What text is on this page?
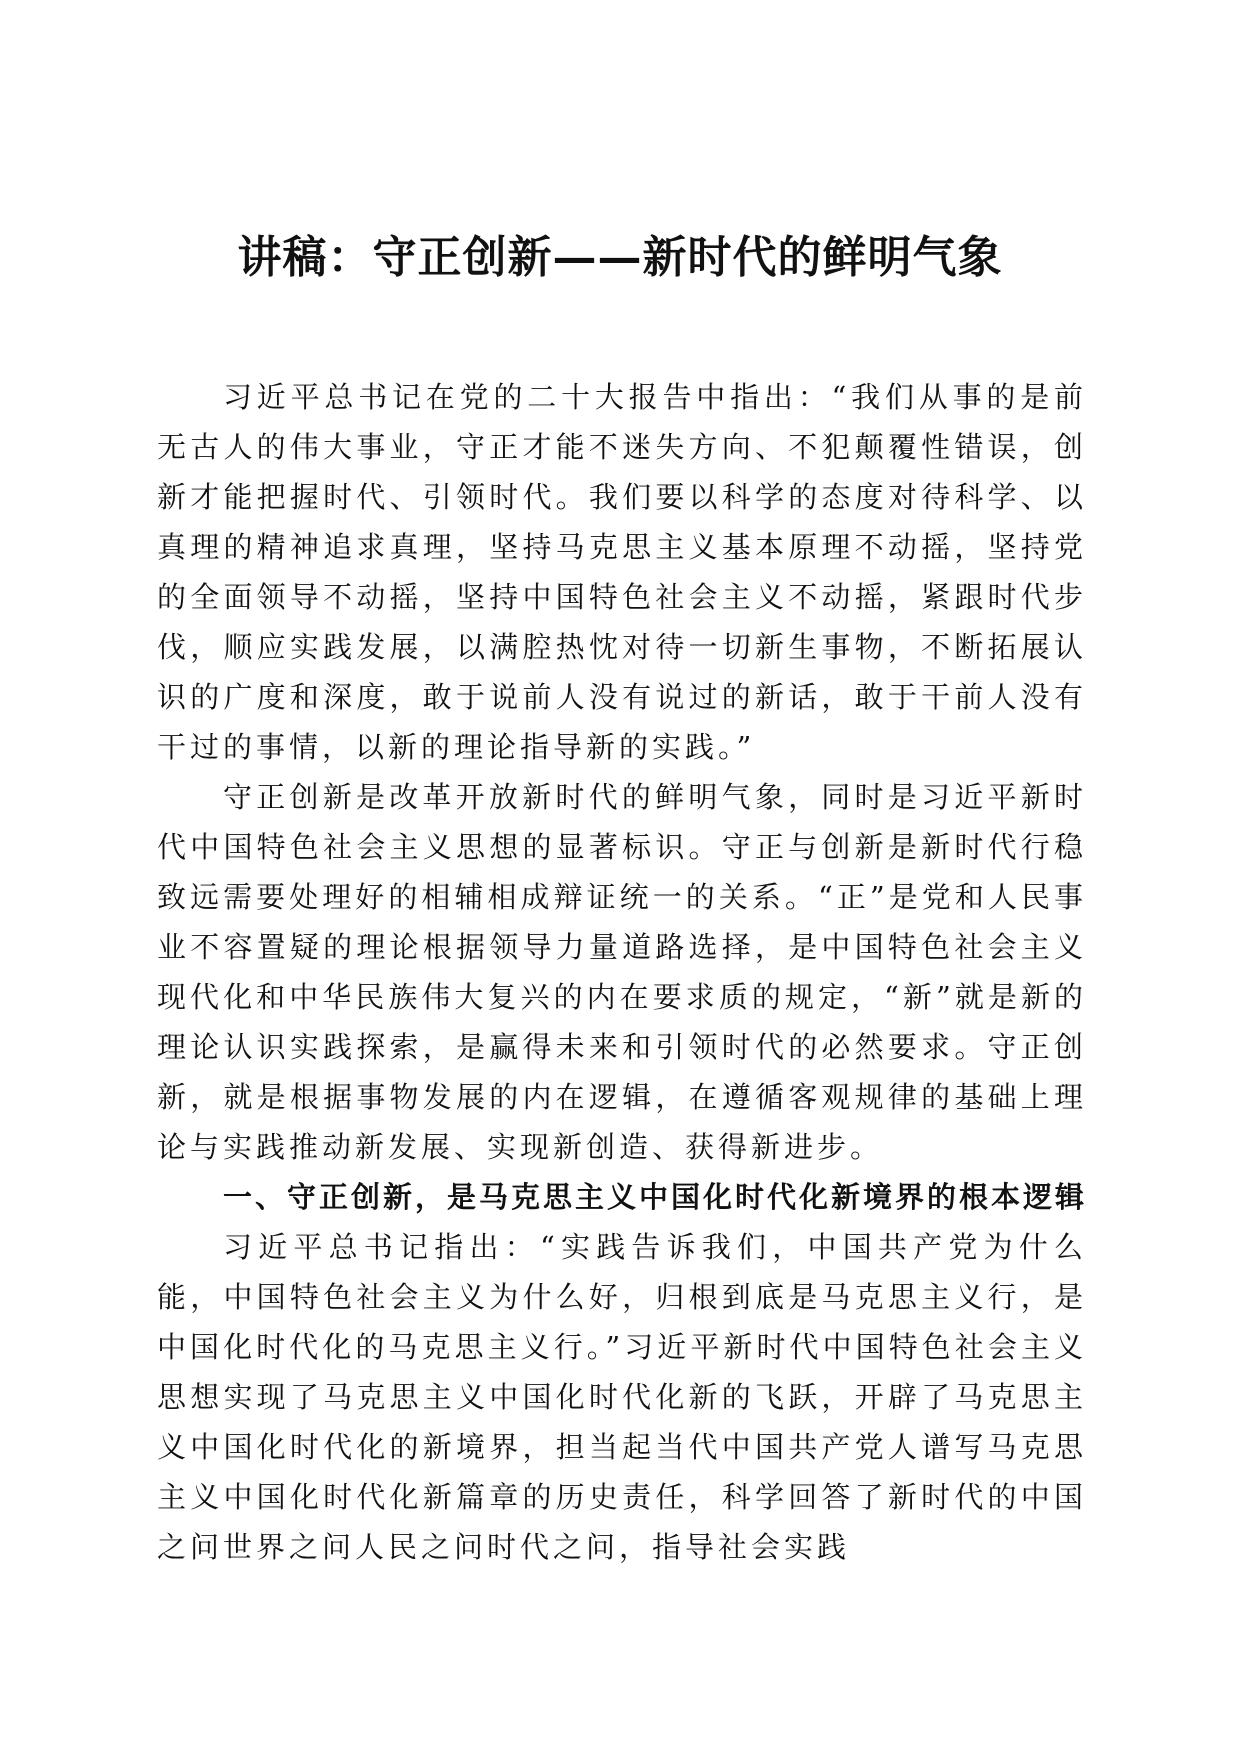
讲稿：守正创新——新时代的鲜明气象

习近平总书记在党的二十大报告中指出：“我们从事的是前无古人的伟大事业，守正才能不迷失方向、不犯颠覆性错误，创新才能把握时代、引领时代。我们要以科学的态度对待科学、以真理的精神追求真理，坚持马克思主义基本原理不动摇，坚持党的全面领导不动摇，坚持中国特色社会主义不动摇，紧跟时代步伐，顺应实践发展，以满腔热忱对待一切新生事物，不断拓展认识的广度和深度，敢于说前人没有说过的新话，敢于干前人没有干过的事情，以新的理论指导新的实践。”

守正创新是改革开放新时代的鲜明气象，同时是习近平新时代中国特色社会主义思想的显著标识。守正与创新是新时代行稳致远需要处理好的相辅相成辩证统一的关系。“正”是党和人民事业不容置疑的理论根据领导力量道路选择，是中国特色社会主义现代化和中华民族伟大复兴的内在要求质的规定，“新”就是新的理论认识实践探索，是赢得未来和引领时代的必然要求。守正创新，就是根据事物发展的内在逻辑，在遵循客观规律的基础上理论与实践推动新发展、实现新创造、获得新进步。

一、守正创新，是马克思主义中国化时代化新境界的根本逻辑

习近平总书记指出：“实践告诉我们，中国共产党为什么能，中国特色社会主义为什么好，归根到底是马克思主义行，是中国化时代化的马克思主义行。”习近平新时代中国特色社会主义思想实现了马克思主义中国化时代化新的飞跃，开辟了马克思主义中国化时代化的新境界，担当起当代中国共产党人谱写马克思主义中国化时代化新篇章的历史责任，科学回答了新时代的中国之问世界之问人民之问时代之问，指导社会实践
